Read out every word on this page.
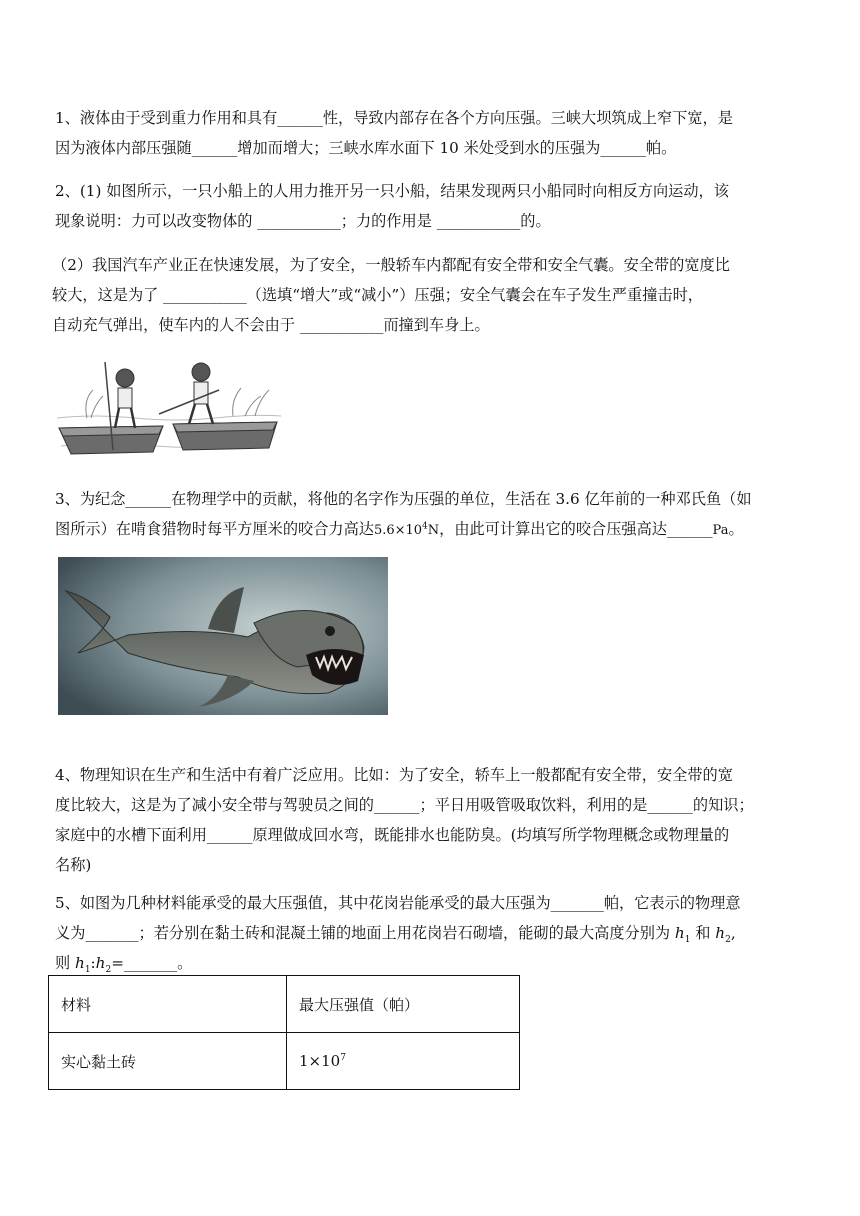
1、液体由于受到重力作用和具有______性，导致内部存在各个方向压强。三峡大坝筑成上窄下宽，是
因为液体内部压强随______增加而增大；三峡水库水面下 10 米处受到水的压强为______帕。

2、(1) 如图所示，一只小船上的人用力推开另一只小船，结果发现两只小船同时向相反方向运动，该
现象说明：力可以改变物体的 ___________；力的作用是 ___________的。

（2）我国汽车产业正在快速发展，为了安全，一般轿车内都配有安全带和安全气囊。安全带的宽度比
较大，这是为了 ___________（选填“增大”或“减小”）压强；安全气囊会在车子发生严重撞击时，
自动充气弹出，使车内的人不会由于 ___________而撞到车身上。

3、为纪念______在物理学中的贡献，将他的名字作为压强的单位，生活在 3.6 亿年前的一种邓氏鱼（如
图所示）在啃食猎物时每平方厘米的咬合力高达$5.6\times 10^4N$，由此可计算出它的咬合压强高达______Pa。

4、物理知识在生产和生活中有着广泛应用。比如：为了安全，轿车上一般都配有安全带，安全带的宽
度比较大，这是为了减小安全带与驾驶员之间的______；平日用吸管吸取饮料，利用的是______的知识；
家庭中的水槽下面利用______原理做成回水弯，既能排水也能防臭。(均填写所学物理概念或物理量的
名称)

5、如图为几种材料能承受的最大压强值，其中花岗岩能承受的最大压强为_______帕，它表示的物理意
义为_______；若分别在黏土砖和混凝土铺的地面上用花岗岩石砌墙，能砌的最大高度分别为 $h_1$ 和 $h_2$,
则 $h_1:h_2=\_\_\_\_\_\_\_$。

材料	最大压强值（帕）
实心黏土砖	$1\times 10^7$
